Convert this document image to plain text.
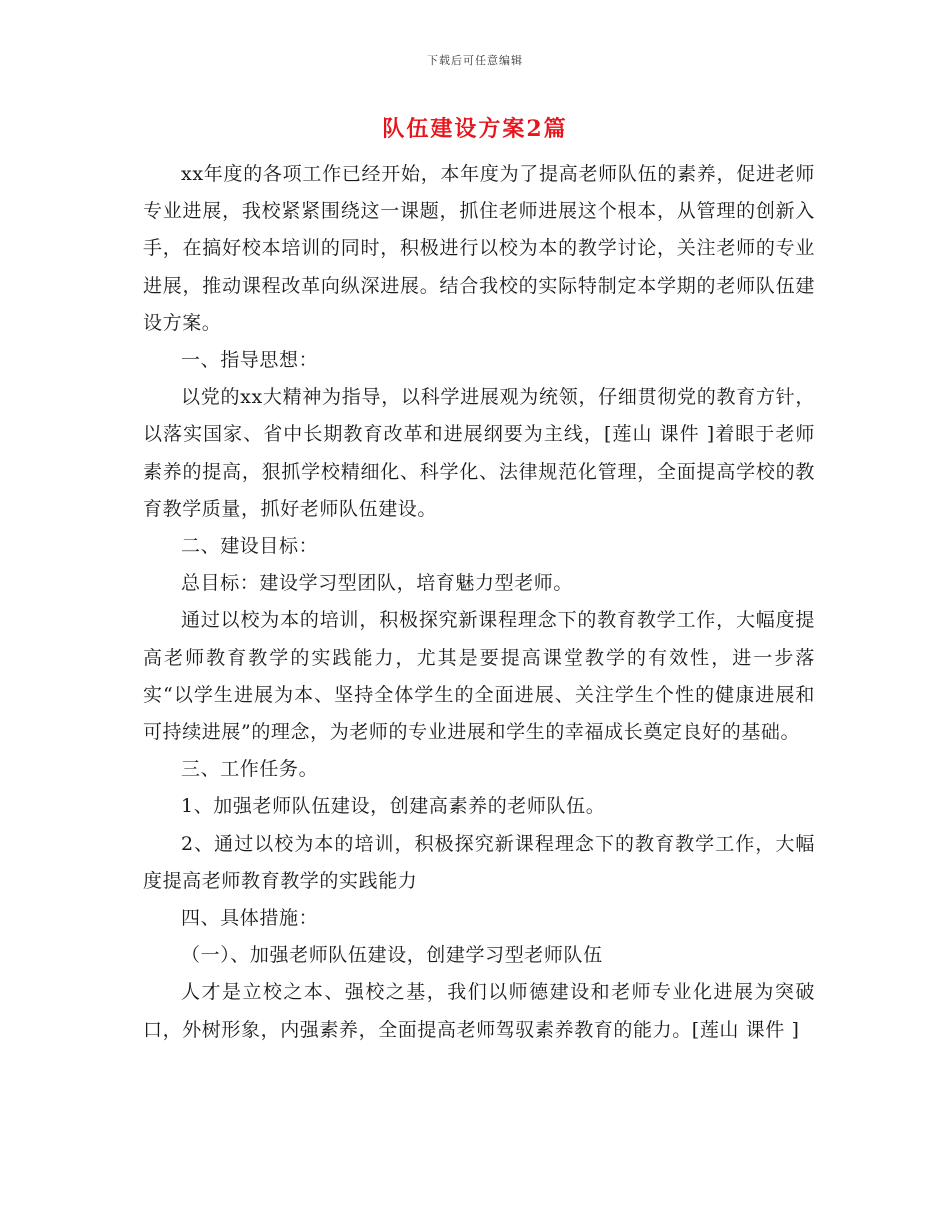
下载后可任意编辑
队伍建设方案2篇

xx年度的各项工作已经开始，本年度为了提高老师队伍的素养，促进老师专业进展，我校紧紧围绕这一课题，抓住老师进展这个根本，从管理的创新入手，在搞好校本培训的同时，积极进行以校为本的教学讨论，关注老师的专业进展，推动课程改革向纵深进展。结合我校的实际特制定本学期的老师队伍建设方案。

一、指导思想：

以党的xx大精神为指导，以科学进展观为统领，仔细贯彻党的教育方针，以落实国家、省中长期教育改革和进展纲要为主线，[莲山 课件 ]着眼于老师素养的提高，狠抓学校精细化、科学化、法律规范化管理，全面提高学校的教育教学质量，抓好老师队伍建设。

二、建设目标：

总目标：建设学习型团队，培育魅力型老师。

通过以校为本的培训，积极探究新课程理念下的教育教学工作，大幅度提高老师教育教学的实践能力，尤其是要提高课堂教学的有效性，进一步落实“以学生进展为本、坚持全体学生的全面进展、关注学生个性的健康进展和可持续进展”的理念，为老师的专业进展和学生的幸福成长奠定良好的基础。

三、工作任务。

1、加强老师队伍建设，创建高素养的老师队伍。

2、通过以校为本的培训，积极探究新课程理念下的教育教学工作，大幅度提高老师教育教学的实践能力

四、具体措施：

（一）、加强老师队伍建设，创建学习型老师队伍

人才是立校之本、强校之基，我们以师德建设和老师专业化进展为突破口，外树形象，内强素养，全面提高老师驾驭素养教育的能力。[莲山 课件 ]
